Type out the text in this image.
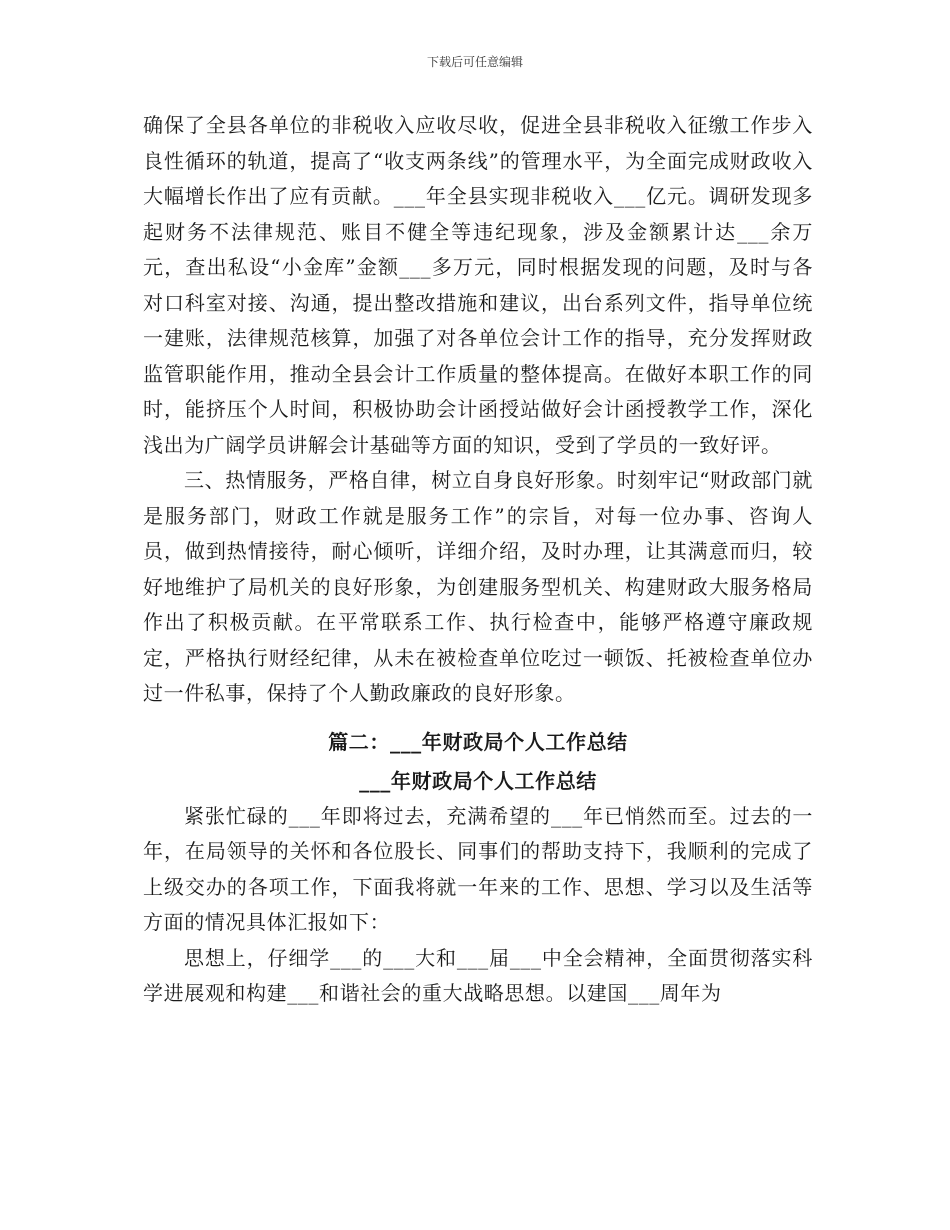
下载后可任意编辑

确保了全县各单位的非税收入应收尽收，促进全县非税收入征缴工作步入良性循环的轨道，提高了“收支两条线”的管理水平，为全面完成财政收入大幅增长作出了应有贡献。___年全县实现非税收入___亿元。调研发现多起财务不法律规范、账目不健全等违纪现象，涉及金额累计达___余万元，查出私设“小金库”金额___多万元，同时根据发现的问题，及时与各对口科室对接、沟通，提出整改措施和建议，出台系列文件，指导单位统一建账，法律规范核算，加强了对各单位会计工作的指导，充分发挥财政监管职能作用，推动全县会计工作质量的整体提高。在做好本职工作的同时，能挤压个人时间，积极协助会计函授站做好会计函授教学工作，深化浅出为广阔学员讲解会计基础等方面的知识，受到了学员的一致好评。

三、热情服务，严格自律，树立自身良好形象。时刻牢记“财政部门就是服务部门，财政工作就是服务工作”的宗旨，对每一位办事、咨询人员，做到热情接待，耐心倾听，详细介绍，及时办理，让其满意而归，较好地维护了局机关的良好形象，为创建服务型机关、构建财政大服务格局作出了积极贡献。在平常联系工作、执行检查中，能够严格遵守廉政规定，严格执行财经纪律，从未在被检查单位吃过一顿饭、托被检查单位办过一件私事，保持了个人勤政廉政的良好形象。

篇二：___年财政局个人工作总结
___年财政局个人工作总结

紧张忙碌的___年即将过去，充满希望的___年已悄然而至。过去的一年，在局领导的关怀和各位股长、同事们的帮助支持下，我顺利的完成了上级交办的各项工作，下面我将就一年来的工作、思想、学习以及生活等方面的情况具体汇报如下：

思想上，仔细学___的___大和___届___中全会精神，全面贯彻落实科学进展观和构建___和谐社会的重大战略思想。以建国___周年为
